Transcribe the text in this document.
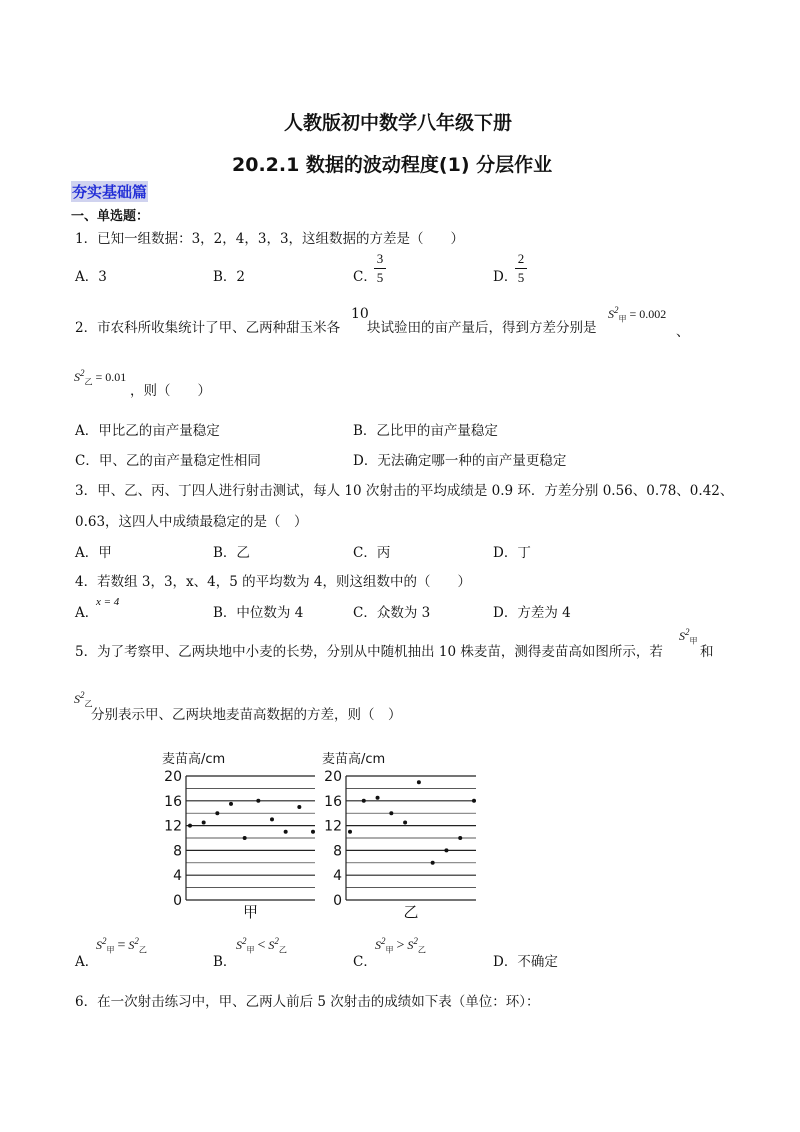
人教版初中数学八年级下册
20.2.1 数据的波动程度(1) 分层作业
夯实基础篇
一、单选题：
1．已知一组数据：3，2，4，3，3，这组数据的方差是（　　）
A．3	B．2	C．
3
5	D．
2
5
2．市农科所收集统计了甲、乙两种甜玉米各
10
块试验田的亩产量后，得到方差分别是
$S^2_甲 = 0.002$
、
$S^2_乙 = 0.01$
，则（　　）
A．甲比乙的亩产量稳定	B．乙比甲的亩产量稳定
C．甲、乙的亩产量稳定性相同	D．无法确定哪一种的亩产量更稳定
3．甲、乙、丙、丁四人进行射击测试，每人 10 次射击的平均成绩是 0.9 环．方差分别 0.56、0.78、0.42、
0.63，这四人中成绩最稳定的是（　）
A．甲	B．乙	C．丙	D．丁
4．若数组 3，3，x、4，5 的平均数为 4，则这组数中的（　　）
A．
x = 4
B．中位数为 4	C．众数为 3	D．方差为 4
5．为了考察甲、乙两块地中小麦的长势，分别从中随机抽出 10 株麦苗，测得麦苗高如图所示，若
$S^2_甲$
和
$S^2_乙$
分别表示甲、乙两块地麦苗高数据的方差，则（　）
麦苗高/cm
0
4
8
12
16
20
甲
麦苗高/cm
0
4
8
12
16
20
乙
A．
$S^2_甲 = S^2_乙$
B．
$S^2_甲 < S^2_乙$
C．
$S^2_甲 > S^2_乙$
D．不确定
6．在一次射击练习中，甲、乙两人前后 5 次射击的成绩如下表（单位：环）：
